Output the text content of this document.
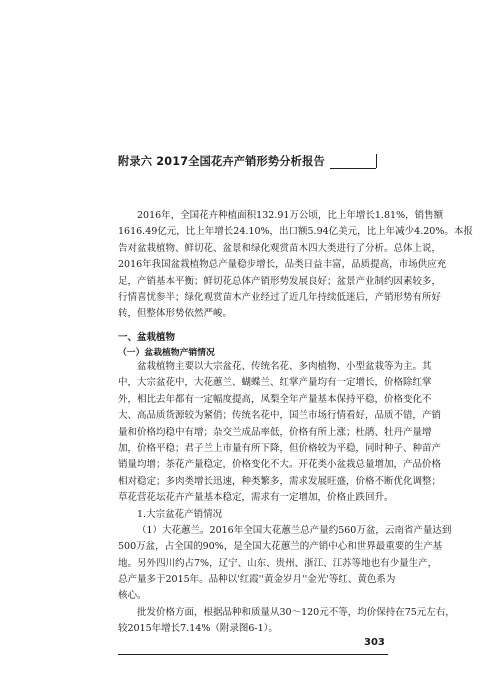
附录六 2017全国花卉产销形势分析报告
2016年，全国花卉种植面积132.91万公顷，比上年增长1.81%，销售额
1616.49亿元，比上年增长24.10%，出口额5.94亿美元，比上年减少4.20%。本报
告对盆栽植物、鲜切花、盆景和绿化观赏苗木四大类进行了分析。总体上说，
2016年我国盆栽植物总产量稳步增长，品类日益丰富，品质提高，市场供应充
足，产销基本平衡；鲜切花总体产销形势发展良好；盆景产业制约因素较多，
行情喜忧参半；绿化观赏苗木产业经过了近几年持续低迷后，产销形势有所好
转，但整体形势依然严峻。
一、盆栽植物
（一）盆栽植物产销情况
盆栽植物主要以大宗盆花、传统名花、多肉植物、小型盆栽等为主。其
中，大宗盆花中，大花蕙兰、蝴蝶兰、红掌产量均有一定增长，价格除红掌
外，相比去年都有一定幅度提高，凤梨全年产量基本保持平稳，价格变化不
大、高品质货源较为紧俏；传统名花中，国兰市场行情看好，品质不错，产销
量和价格均稳中有增；杂交兰成品率低，价格有所上涨；杜鹃、牡丹产量增
加，价格平稳；君子兰上市量有所下降，但价格较为平稳，同时种子、种苗产
销量均增；茶花产量稳定，价格变化不大。开花类小盆栽总量增加，产品价格
相对稳定；多肉类增长迅速，种类繁多，需求发展旺盛，价格不断优化调整；
草花营花坛花卉产量基本稳定，需求有一定增加，价格止跌回升。
1.大宗盆花产销情况
（1）大花蕙兰。2016年全国大花蕙兰总产量约560万盆，云南省产量达到
500万盆，占全国的90%，是全国大花蕙兰的产销中心和世界最重要的生产基
地。另外四川约占7%，辽宁、山东、贵州、浙江、江苏等地也有少量生产，
总产量多于2015年。品种以'红霞''黄金岁月''金光'等红、黄色系为
核心。
批发价格方面，根据品种和质量从30～120元不等，均价保持在75元左右，
较2015年增长7.14%（附录图6-1）。
303
